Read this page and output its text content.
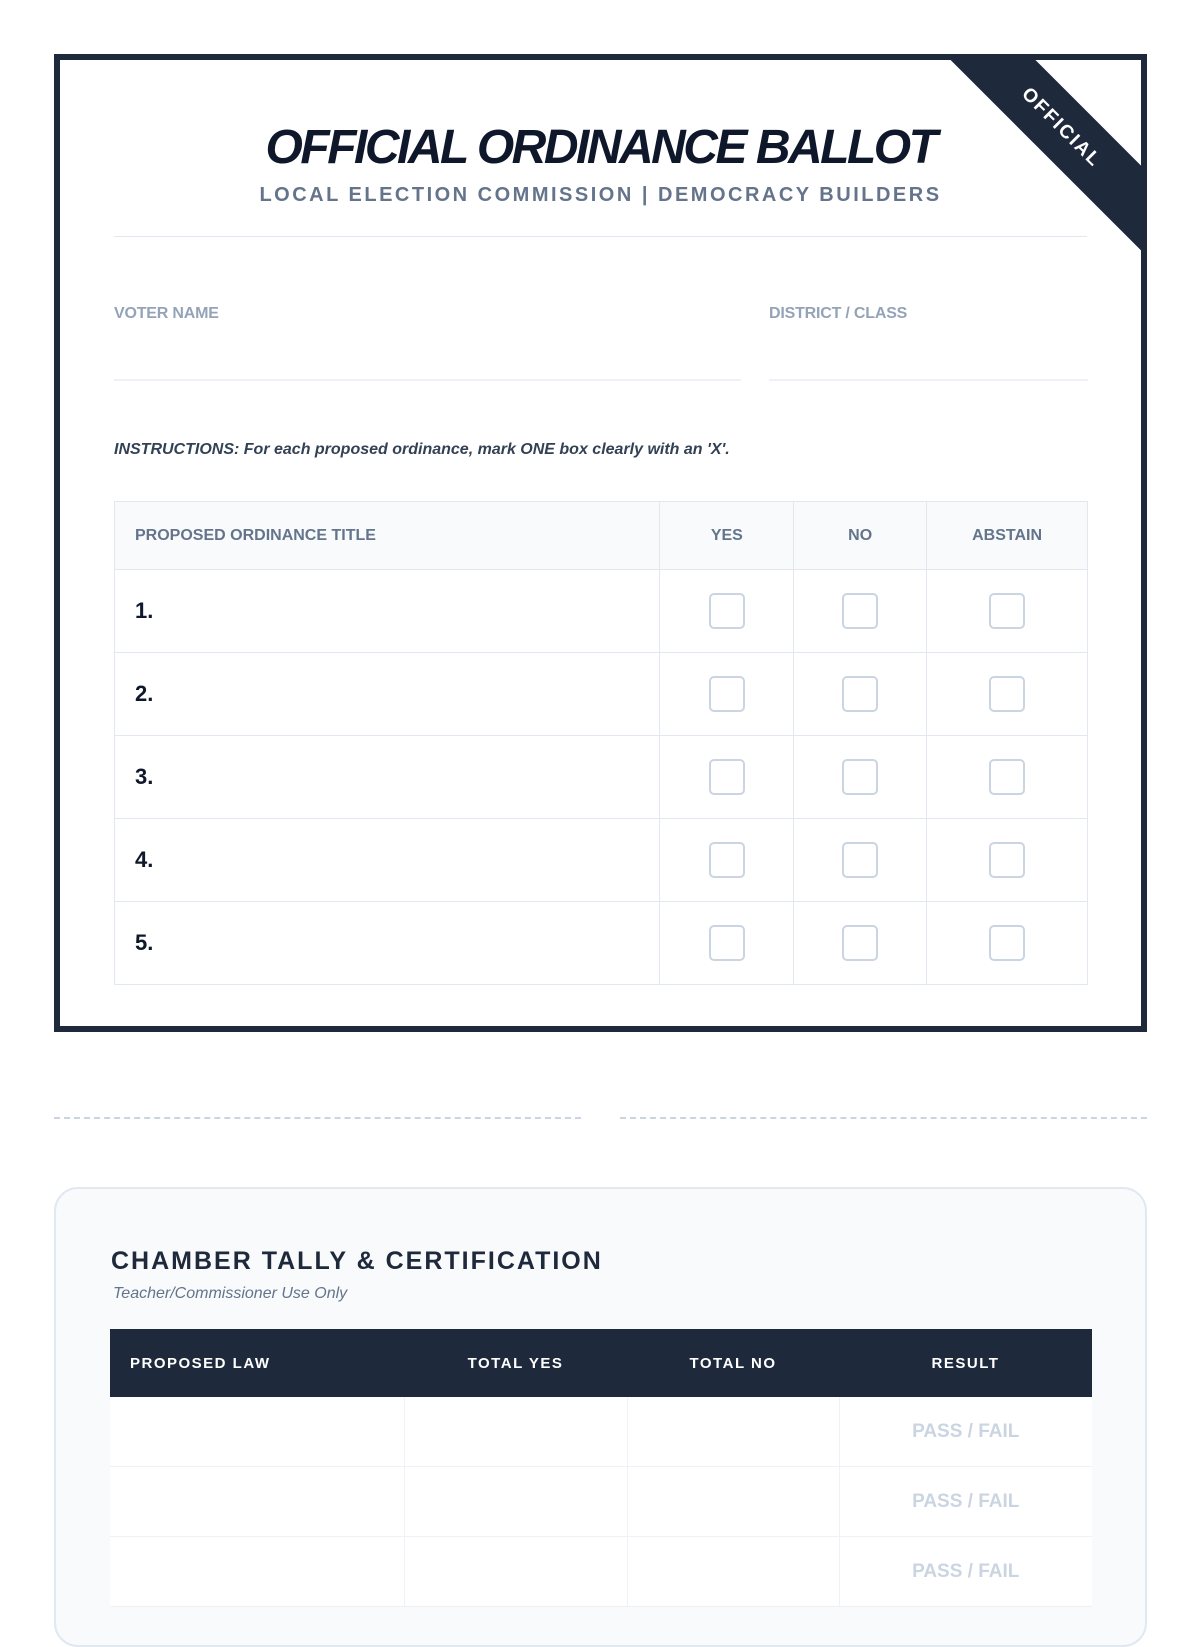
OFFICIAL
OFFICIAL ORDINANCE BALLOT
LOCAL ELECTION COMMISSION | DEMOCRACY BUILDERS
VOTER NAME	DISTRICT / CLASS
INSTRUCTIONS: For each proposed ordinance, mark ONE box clearly with an 'X'.
PROPOSED ORDINANCE TITLE	YES	NO	ABSTAIN
1.			
2.			
3.			
4.			
5.			
CHAMBER TALLY & CERTIFICATION
Teacher/Commissioner Use Only
PROPOSED LAW	TOTAL YES	TOTAL NO	RESULT
			PASS / FAIL
			PASS / FAIL
			PASS / FAIL
